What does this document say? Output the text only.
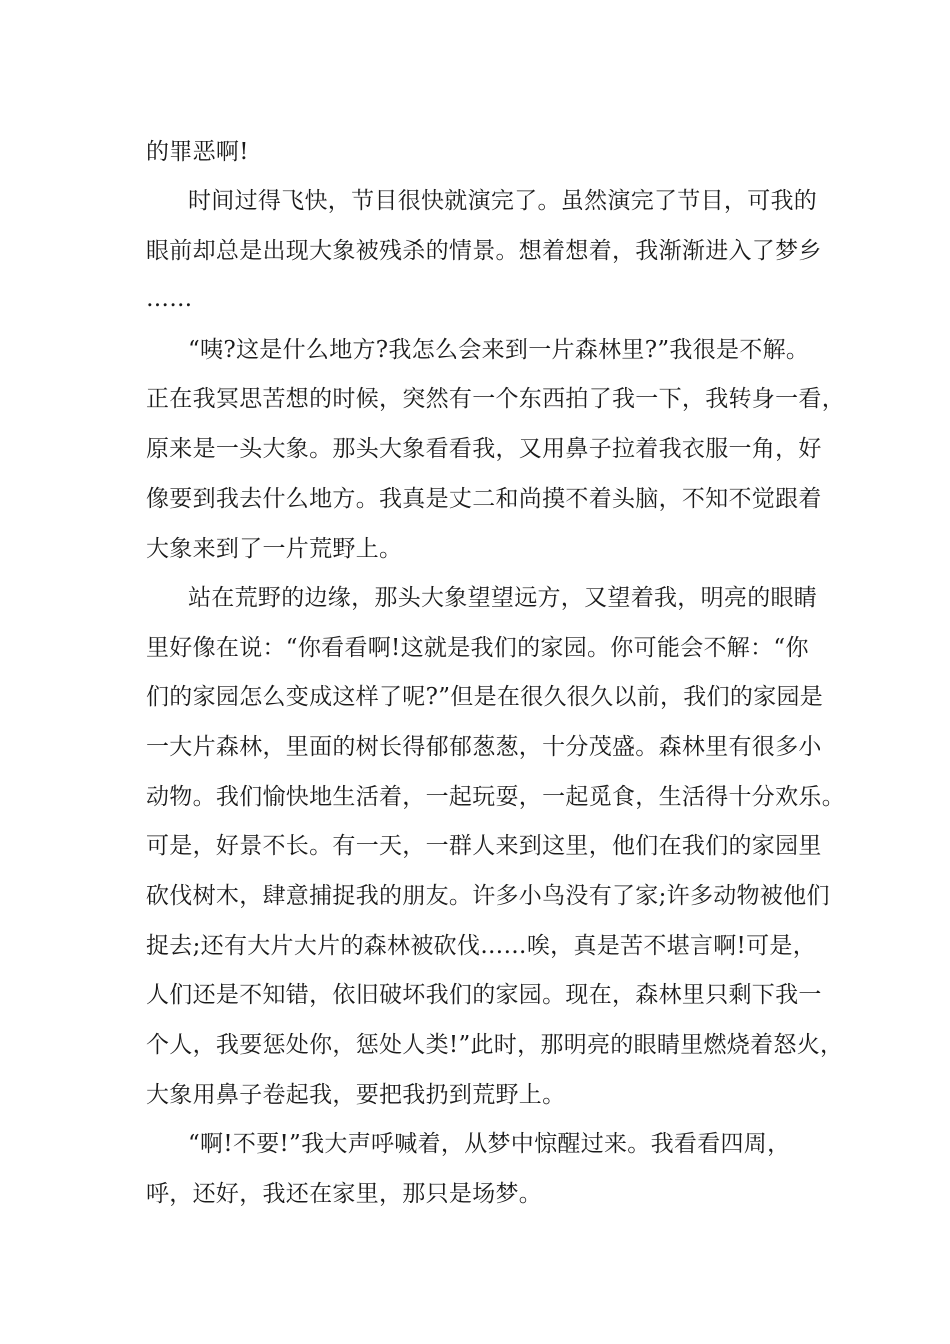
的罪恶啊!
时间过得飞快，节目很快就演完了。虽然演完了节目，可我的
眼前却总是出现大象被残杀的情景。想着想着，我渐渐进入了梦乡
……
“咦?这是什么地方?我怎么会来到一片森林里?”我很是不解。
正在我冥思苦想的时候，突然有一个东西拍了我一下，我转身一看，
原来是一头大象。那头大象看看我，又用鼻子拉着我衣服一角，好
像要到我去什么地方。我真是丈二和尚摸不着头脑，不知不觉跟着
大象来到了一片荒野上。
站在荒野的边缘，那头大象望望远方，又望着我，明亮的眼睛
里好像在说：“你看看啊!这就是我们的家园。你可能会不解：“你
们的家园怎么变成这样了呢?”但是在很久很久以前，我们的家园是
一大片森林，里面的树长得郁郁葱葱，十分茂盛。森林里有很多小
动物。我们愉快地生活着，一起玩耍，一起觅食，生活得十分欢乐。
可是，好景不长。有一天，一群人来到这里，他们在我们的家园里
砍伐树木，肆意捕捉我的朋友。许多小鸟没有了家;许多动物被他们
捉去;还有大片大片的森林被砍伐……唉，真是苦不堪言啊!可是，
人们还是不知错，依旧破坏我们的家园。现在，森林里只剩下我一
个人，我要惩处你，惩处人类!”此时，那明亮的眼睛里燃烧着怒火，
大象用鼻子卷起我，要把我扔到荒野上。
“啊!不要!”我大声呼喊着，从梦中惊醒过来。我看看四周，
呼，还好，我还在家里，那只是场梦。
